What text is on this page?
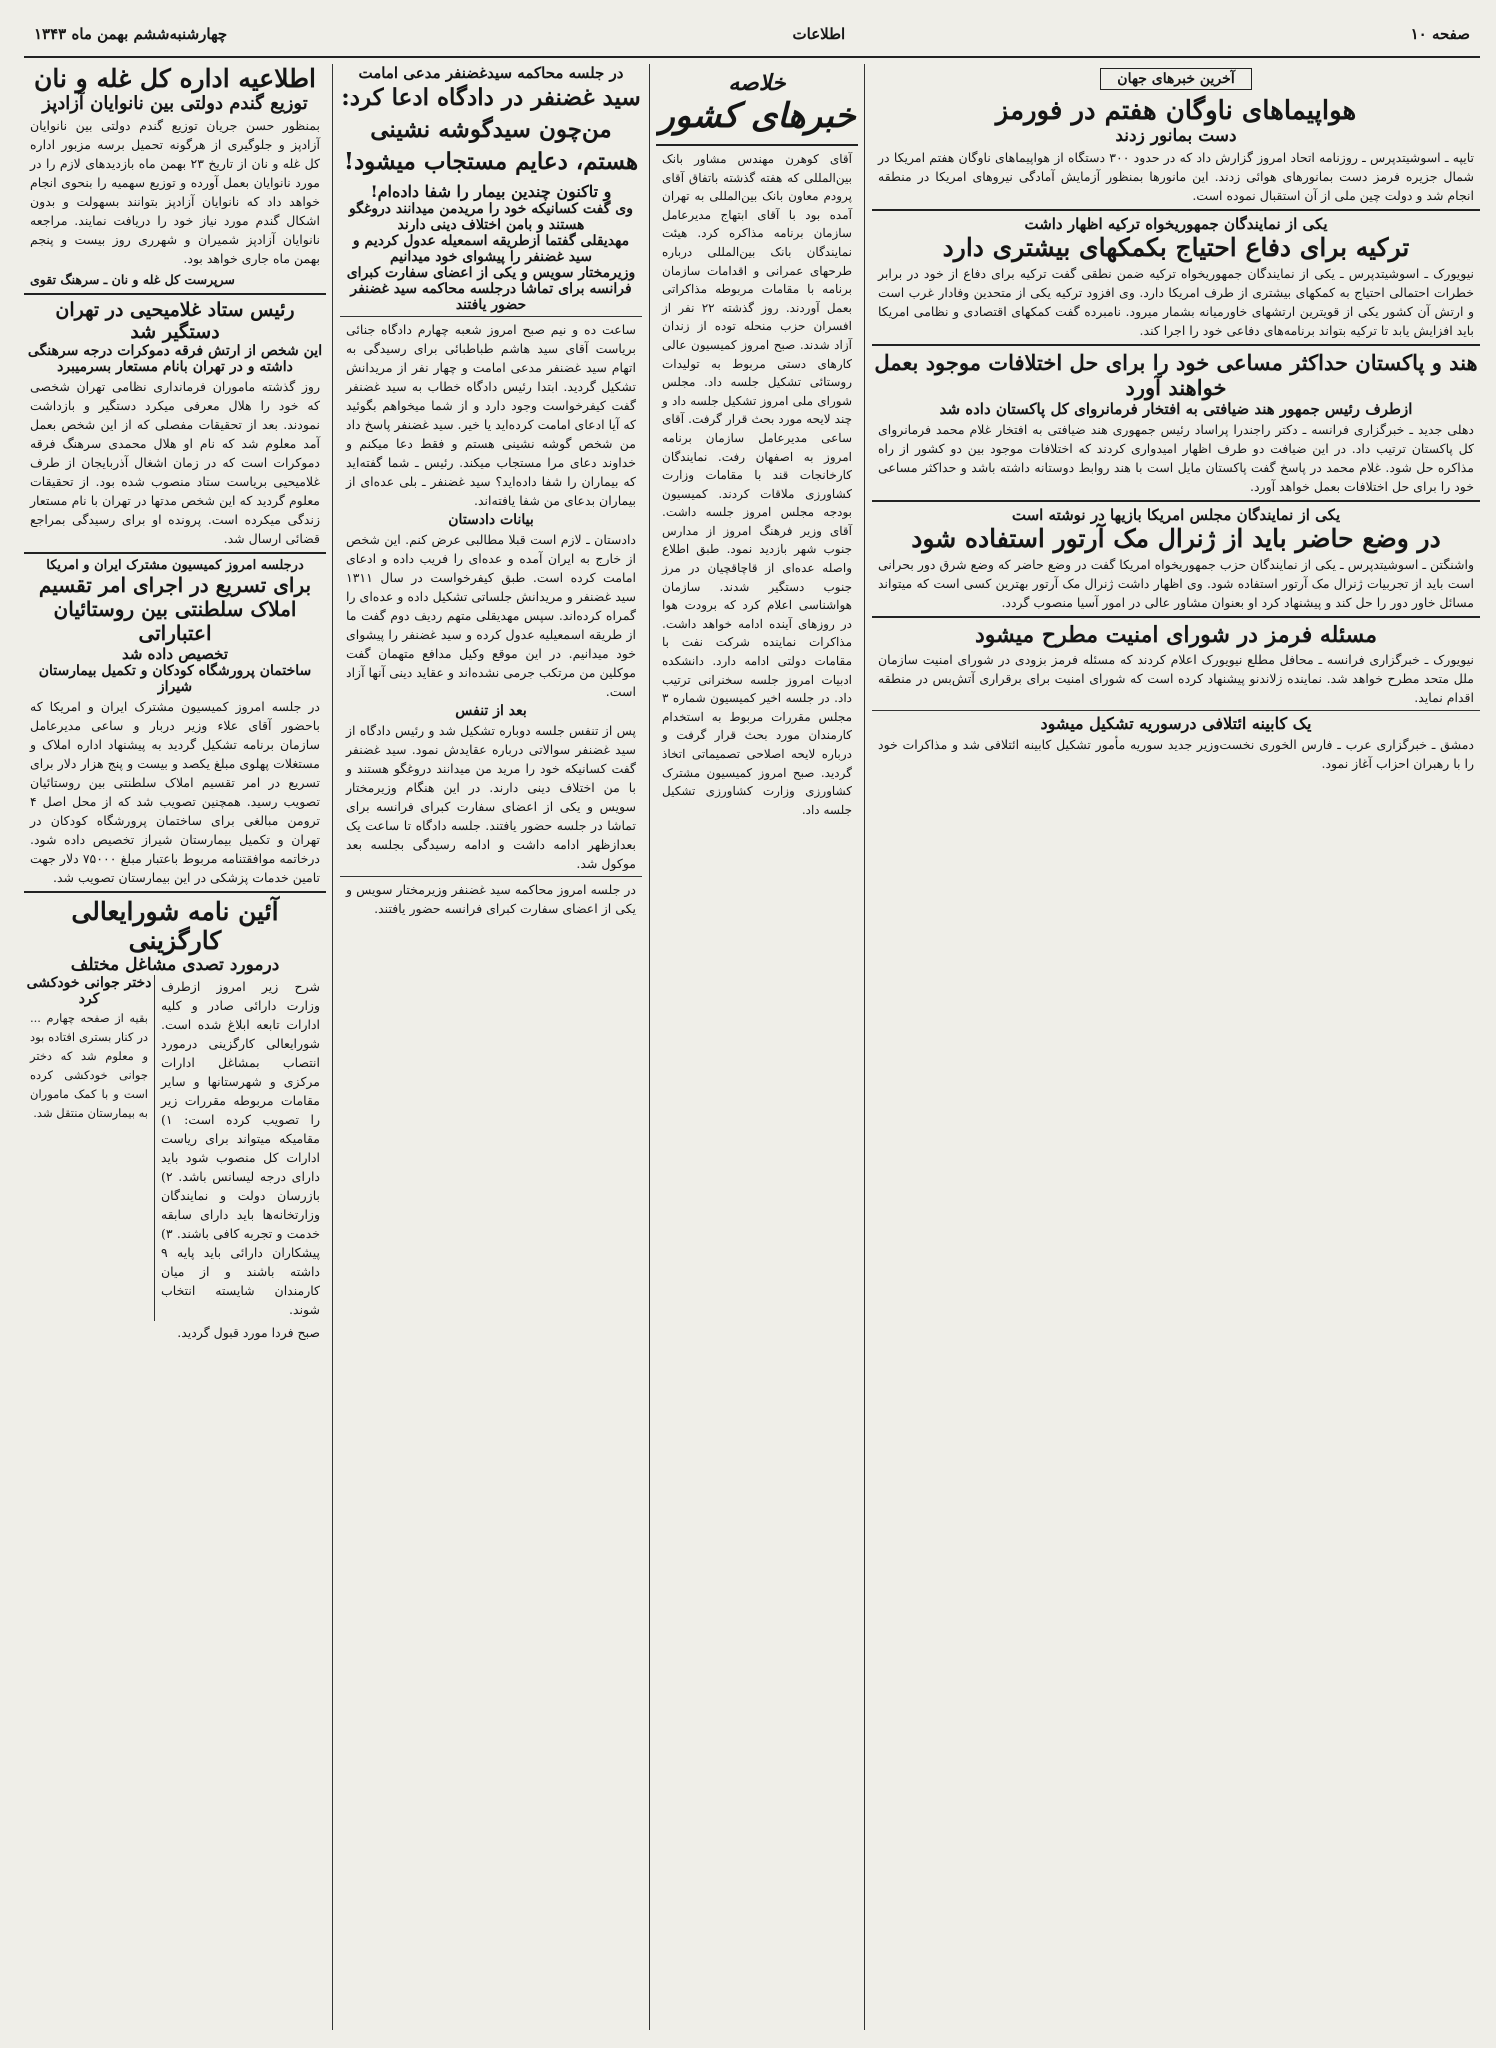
صفحه ۱۰
اطلاعات
چهارشنبه‌ششم بهمن ماه ۱۳۴۳
آخرین خبرهای جهان
هواپیماهای ناوگان هفتم در فورمز
دست بمانور زدند
تایپه ـ اسوشیتدپرس ـ روزنامه اتحاد امروز گزارش داد که در حدود ۳۰۰ دستگاه از هواپیماهای ناوگان هفتم امریکا در شمال جزیره فرمز دست بمانورهای هوائی زدند. این مانورها بمنظور آزمایش آمادگی نیروهای امریکا در منطقه انجام شد و دولت چین ملی از آن استقبال نموده است.
یکی از نمایندگان جمهوریخواه ترکیه اظهار داشت
ترکیه برای دفاع احتیاج بکمکهای بیشتری دارد
نیویورک ـ اسوشیتدپرس ـ یکی از نمایندگان جمهوریخواه ترکیه ضمن نطقی گفت ترکیه برای دفاع از خود در برابر خطرات احتمالی احتیاج به کمکهای بیشتری از طرف امریکا دارد. وی افزود ترکیه یکی از متحدین وفادار غرب است و ارتش آن کشور یکی از قویترین ارتشهای خاورمیانه بشمار میرود. نامبرده گفت کمکهای اقتصادی و نظامی امریکا باید افزایش یابد تا ترکیه بتواند برنامه‌های دفاعی خود را اجرا کند.
هند و پاکستان حداکثر مساعی خود را برای حل اختلافات موجود بعمل خواهند آورد
ازطرف رئیس جمهور هند ضیافتی به افتخار فرمانروای کل پاکستان داده شد
دهلی جدید ـ خبرگزاری فرانسه ـ دکتر راجندرا پراساد رئیس جمهوری هند ضیافتی به افتخار غلام محمد فرمانروای کل پاکستان ترتیب داد. در این ضیافت دو طرف اظهار امیدواری کردند که اختلافات موجود بین دو کشور از راه مذاکره حل شود. غلام محمد در پاسخ گفت پاکستان مایل است با هند روابط دوستانه داشته باشد و حداکثر مساعی خود را برای حل اختلافات بعمل خواهد آورد.
یکی از نمایندگان مجلس امریکا بازیها در نوشته است
در وضع حاضر باید از ژنرال مک آرتور استفاده شود
واشنگتن ـ اسوشیتدپرس ـ یکی از نمایندگان حزب جمهوریخواه امریکا گفت در وضع حاضر که وضع شرق دور بحرانی است باید از تجربیات ژنرال مک آرتور استفاده شود. وی اظهار داشت ژنرال مک آرتور بهترین کسی است که میتواند مسائل خاور دور را حل کند و پیشنهاد کرد او بعنوان مشاور عالی در امور آسیا منصوب گردد.
مسئله فرمز در شورای امنیت مطرح میشود
نیویورک ـ خبرگزاری فرانسه ـ محافل مطلع نیویورک اعلام کردند که مسئله فرمز بزودی در شورای امنیت سازمان ملل متحد مطرح خواهد شد. نماینده زلاندنو پیشنهاد کرده است که شورای امنیت برای برقراری آتش‌بس در منطقه اقدام نماید.
یک کابینه ائتلافی درسوریه تشکیل میشود
دمشق ـ خبرگزاری عرب ـ فارس الخوری نخست‌وزیر جدید سوریه مأمور تشکیل کابینه ائتلافی شد و مذاکرات خود را با رهبران احزاب آغاز نمود.
خلاصه
خبرهای کشور
آقای کوهرن مهندس مشاور بانک بین‌المللی که هفته گذشته باتفاق آقای پرودم معاون بانک بین‌المللی به تهران آمده بود با آقای ابتهاج مدیرعامل سازمان برنامه مذاکره کرد. هیئت نمایندگان بانک بین‌المللی درباره طرحهای عمرانی و اقدامات سازمان برنامه با مقامات مربوطه مذاکراتی بعمل آوردند. روز گذشته ۲۲ نفر از افسران حزب منحله توده از زندان آزاد شدند. صبح امروز کمیسیون عالی کارهای دستی مربوط به تولیدات روستائی تشکیل جلسه داد. مجلس شورای ملی امروز تشکیل جلسه داد و چند لایحه مورد بحث قرار گرفت. آقای ساعی مدیرعامل سازمان برنامه امروز به اصفهان رفت. نمایندگان کارخانجات قند با مقامات وزارت کشاورزی ملاقات کردند. کمیسیون بودجه مجلس امروز جلسه داشت. آقای وزیر فرهنگ امروز از مدارس جنوب شهر بازدید نمود. طبق اطلاع واصله عده‌ای از قاچاقچیان در مرز جنوب دستگیر شدند. سازمان هواشناسی اعلام کرد که برودت هوا در روزهای آینده ادامه خواهد داشت. مذاکرات نماینده شرکت نفت با مقامات دولتی ادامه دارد. دانشکده ادبیات امروز جلسه سخنرانی ترتیب داد. در جلسه اخیر کمیسیون شماره ۳ مجلس مقررات مربوط به استخدام کارمندان مورد بحث قرار گرفت و درباره لایحه اصلاحی تصمیماتی اتخاذ گردید. صبح امروز کمیسیون مشترک کشاورزی وزارت کشاورزی تشکیل جلسه داد.
در جلسه محاکمه سیدغضنفر مدعی امامت
سید غضنفر در دادگاه ادعا کرد: من‌چون سیدگوشه نشینی هستم، دعایم مستجاب میشود!
و تاکنون چندین بیمار را شفا داده‌ام!
وی گفت کسانیکه خود را مریدمن میدانند دروغگو هستند و بامن اختلاف دینی دارند
مهدیقلی گفتما ازطریقه اسمعیله عدول کردیم و سید غضنفر را پیشوای خود میدانیم
وزیرمختار سویس و یکی از اعضای سفارت کبرای فرانسه برای تماشا درجلسه محاکمه سید غضنفر حضور یافتند
ساعت ده و نیم صبح امروز شعبه چهارم دادگاه جنائی بریاست آقای سید هاشم طباطبائی برای رسیدگی به اتهام سید غضنفر مدعی امامت و چهار نفر از مریدانش تشکیل گردید. ابتدا رئیس دادگاه خطاب به سید غضنفر گفت کیفرخواست وجود دارد و از شما میخواهم بگوئید که آیا ادعای امامت کرده‌اید یا خیر. سید غضنفر پاسخ داد من شخص گوشه نشینی هستم و فقط دعا میکنم و خداوند دعای مرا مستجاب میکند. رئیس ـ شما گفته‌اید که بیماران را شفا داده‌اید؟ سید غضنفر ـ بلی عده‌ای از بیماران بدعای من شفا یافته‌اند.
بیانات دادستان
دادستان ـ لازم است قبلا مطالبی عرض کنم. این شخص از خارج به ایران آمده و عده‌ای را فریب داده و ادعای امامت کرده است. طبق کیفرخواست در سال ۱۳۱۱ سید غضنفر و مریدانش جلساتی تشکیل داده و عده‌ای را گمراه کرده‌اند. سپس مهدیقلی متهم ردیف دوم گفت ما از طریقه اسمعیلیه عدول کرده و سید غضنفر را پیشوای خود میدانیم. در این موقع وکیل مدافع متهمان گفت موکلین من مرتکب جرمی نشده‌اند و عقاید دینی آنها آزاد است.
بعد از تنفس
پس از تنفس جلسه دوباره تشکیل شد و رئیس دادگاه از سید غضنفر سوالاتی درباره عقایدش نمود. سید غضنفر گفت کسانیکه خود را مرید من میدانند دروغگو هستند و با من اختلاف دینی دارند. در این هنگام وزیرمختار سویس و یکی از اعضای سفارت کبرای فرانسه برای تماشا در جلسه حضور یافتند. جلسه دادگاه تا ساعت یک بعدازظهر ادامه داشت و ادامه رسیدگی بجلسه بعد موکول شد.
در جلسه امروز محاکمه سید غضنفر وزیرمختار سویس و یکی از اعضای سفارت کبرای فرانسه حضور یافتند.
اطلاعیه اداره کل غله و نان
توزیع گندم دولتی بین نانوایان آزادپز
بمنظور حسن جریان توزیع گندم دولتی بین نانوایان آزادپز و جلوگیری از هرگونه تحمیل برسه مزبور اداره کل غله و نان از تاریخ ۲۳ بهمن ماه بازدیدهای لازم را در مورد نانوایان بعمل آورده و توزیع سهمیه را بنحوی انجام خواهد داد که نانوایان آزادپز بتوانند بسهولت و بدون اشکال گندم مورد نیاز خود را دریافت نمایند. مراجعه نانوایان آزادپز شمیران و شهرری روز بیست و پنجم بهمن ماه جاری خواهد بود.
سرپرست کل غله و نان ـ سرهنگ تقوی
رئیس ستاد غلامیحیی در تهران دستگیر شد
این شخص از ارتش فرقه دموکرات درجه سرهنگی داشته و در تهران بانام مستعار بسرمیبرد
روز گذشته ماموران فرمانداری نظامی تهران شخصی که خود را هلال معرفی میکرد دستگیر و بازداشت نمودند. بعد از تحقیقات مفصلی که از این شخص بعمل آمد معلوم شد که نام او هلال محمدی سرهنگ فرقه دموکرات است که در زمان اشغال آذربایجان از طرف غلامیحیی بریاست ستاد منصوب شده بود. از تحقیقات معلوم گردید که این شخص مدتها در تهران با نام مستعار زندگی میکرده است. پرونده او برای رسیدگی بمراجع قضائی ارسال شد.
درجلسه امروز کمیسیون مشترک ایران و امریکا
برای تسریع در اجرای امر تقسیم املاک سلطنتی بین روستائیان اعتباراتی
تخصیص داده شد
ساختمان پرورشگاه کودکان و تکمیل بیمارستان شیراز
در جلسه امروز کمیسیون مشترک ایران و امریکا که باحضور آقای علاء وزیر دربار و ساعی مدیرعامل سازمان برنامه تشکیل گردید به پیشنهاد اداره املاک و مستغلات پهلوی مبلغ یکصد و بیست و پنج هزار دلار برای تسریع در امر تقسیم املاک سلطنتی بین روستائیان تصویب رسید. همچنین تصویب شد که از محل اصل ۴ ترومن مبالغی برای ساختمان پرورشگاه کودکان در تهران و تکمیل بیمارستان شیراز تخصیص داده شود. درخاتمه موافقتنامه مربوط باعتبار مبلغ ۷۵۰۰۰ دلار جهت تامین خدمات پزشکی در این بیمارستان تصویب شد.
آئین نامه شورایعالی کارگزینی
درمورد تصدی مشاغل مختلف
شرح زیر امروز ازطرف وزارت دارائی صادر و کلیه ادارات تابعه ابلاغ شده است. شورایعالی کارگزینی درمورد انتصاب بمشاغل ادارات مرکزی و شهرستانها و سایر مقامات مربوطه مقررات زیر را تصویب کرده است: ۱) مقامیکه میتواند برای ریاست ادارات کل منصوب شود باید دارای درجه لیسانس باشد. ۲) بازرسان دولت و نمایندگان وزارتخانه‌ها باید دارای سابقه خدمت و تجربه کافی باشند. ۳) پیشکاران دارائی باید پایه ۹ داشته باشند و از میان کارمندان شایسته انتخاب شوند.
دختر جوانی خودکشی کرد
بقیه از صفحه چهارم ... در کنار بستری افتاده بود و معلوم شد که دختر جوانی خودکشی کرده است و با کمک ماموران به بیمارستان منتقل شد.
صبح فردا مورد قبول گردید.
